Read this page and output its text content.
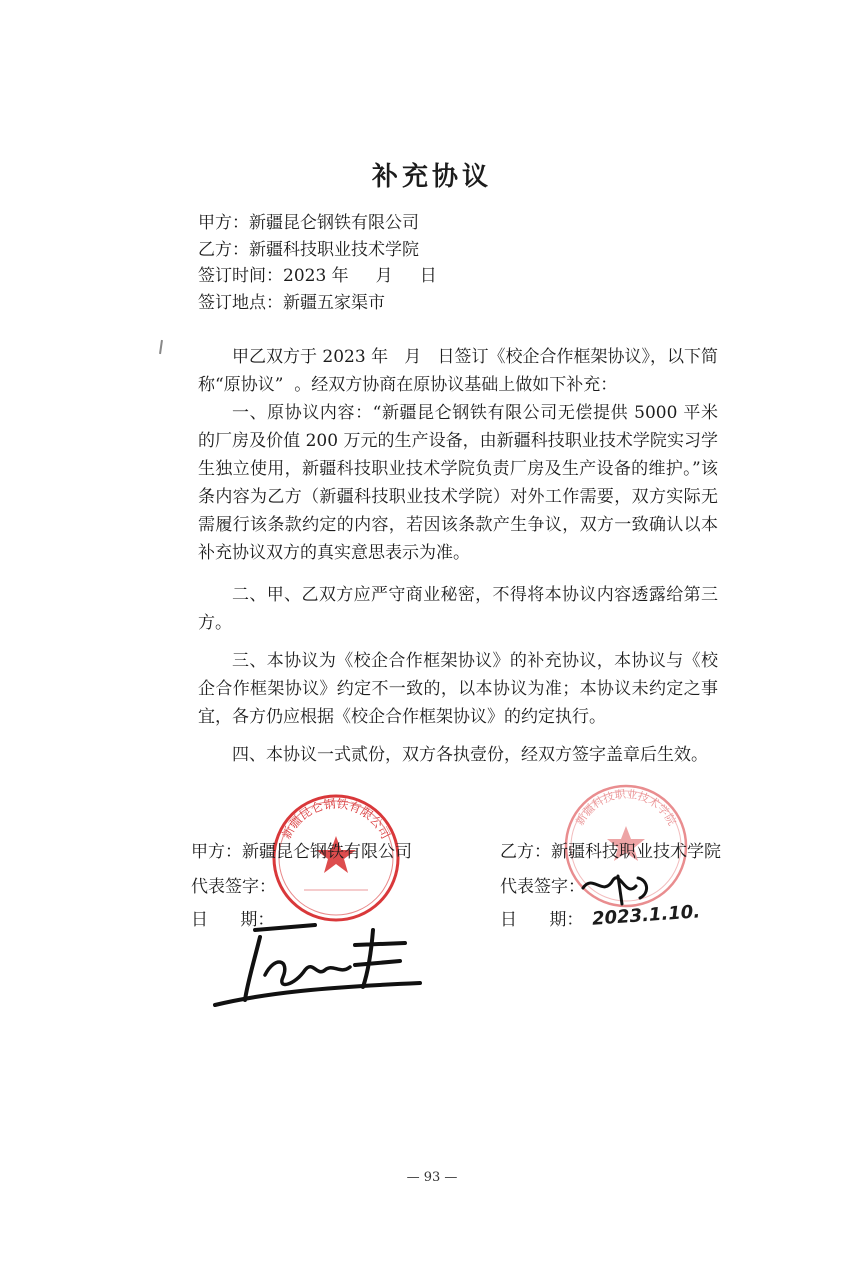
补充协议
甲方：新疆昆仑钢铁有限公司
乙方：新疆科技职业技术学院
签订时间：2023 年     月     日
签订地点：新疆五家渠市

甲乙双方于 2023 年   月   日签订《校企合作框架协议》，以下简称“原协议”  。经双方协商在原协议基础上做如下补充：

一、原协议内容：“新疆昆仑钢铁有限公司无偿提供 5000 平米的厂房及价值 200 万元的生产设备，由新疆科技职业技术学院实习学生独立使用，新疆科技职业技术学院负责厂房及生产设备的维护。”该条内容为乙方（新疆科技职业技术学院）对外工作需要，双方实际无需履行该条款约定的内容，若因该条款产生争议，双方一致确认以本补充协议双方的真实意思表示为准。

二、甲、乙双方应严守商业秘密，不得将本协议内容透露给第三方。

三、本协议为《校企合作框架协议》的补充协议，本协议与《校企合作框架协议》约定不一致的，以本协议为准；本协议未约定之事宜，各方仍应根据《校企合作框架协议》的约定执行。

四、本协议一式贰份，双方各执壹份，经双方签字盖章后生效。

新疆昆仑钢铁有限公司
新疆科技职业技术学院
甲方：新疆昆仑钢铁有限公司
代表签字：
日      期：
乙方：新疆科技职业技术学院
代表签字：
日      期： 2023.1.10.
— 93 —
